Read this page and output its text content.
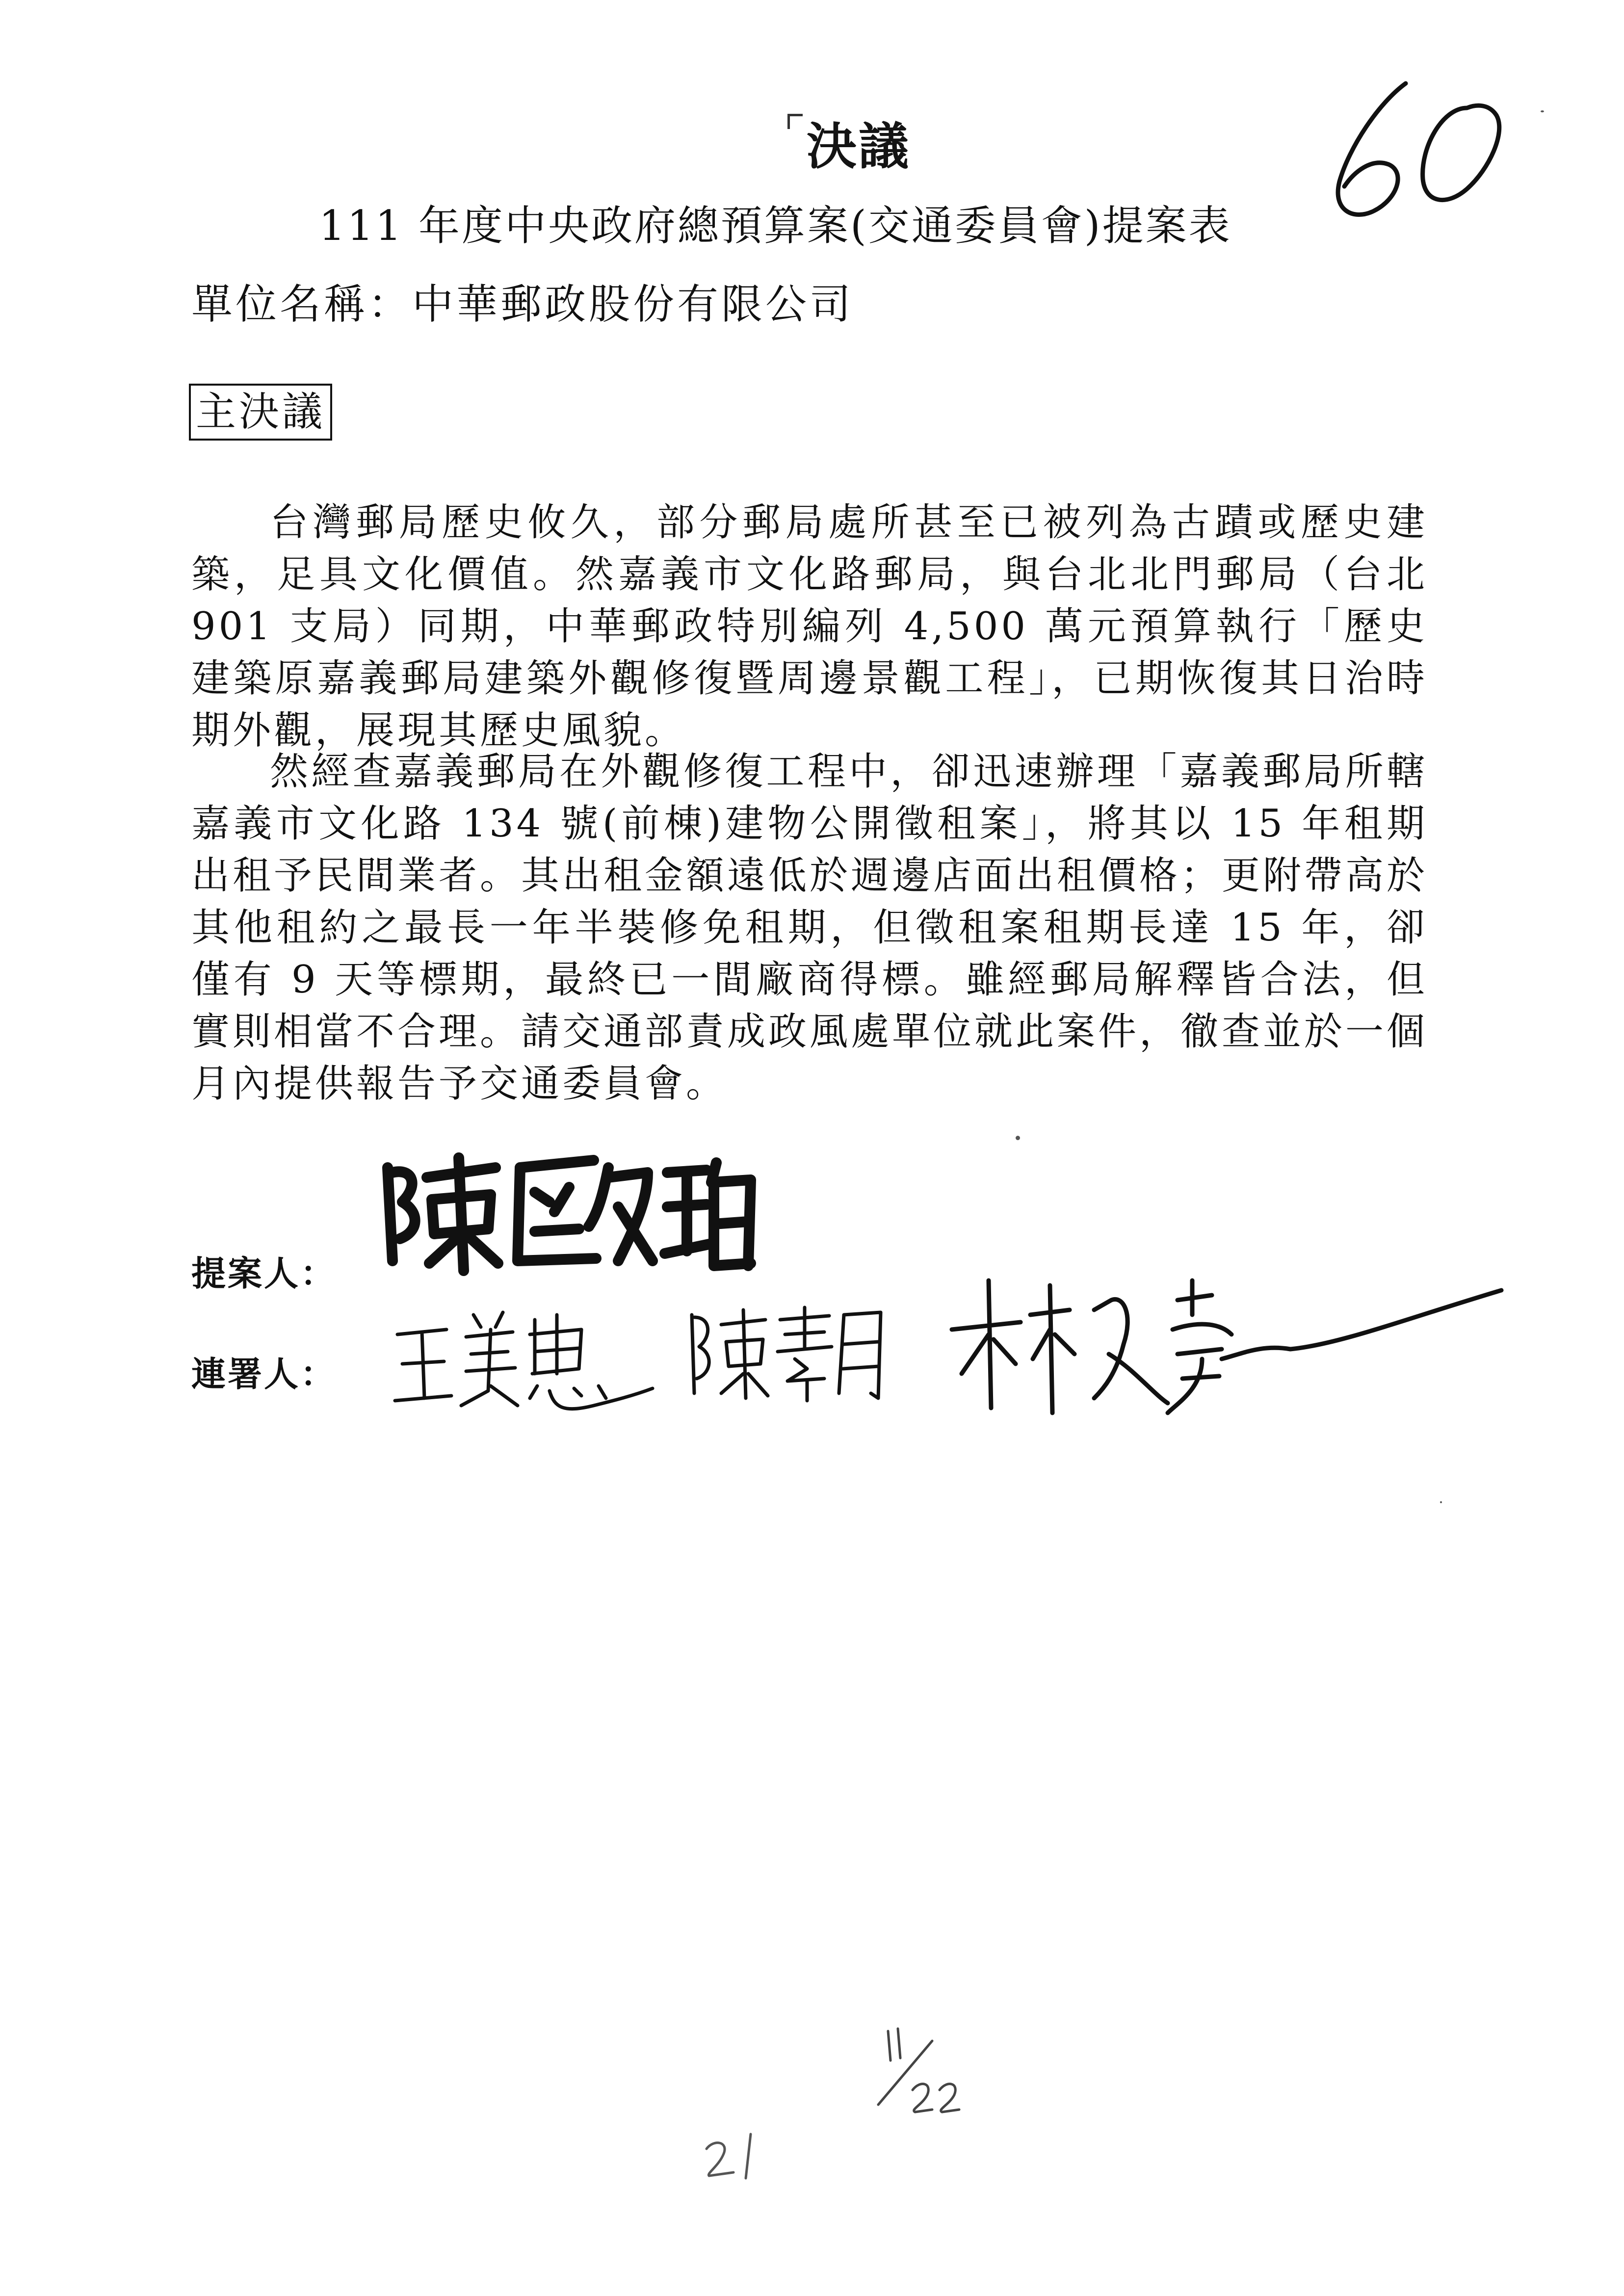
決議
111 年度中央政府總預算案(交通委員會)提案表
單位名稱：中華郵政股份有限公司
主決議

台灣郵局歷史攸久，部分郵局處所甚至已被列為古蹟或歷史建築，足具文化價值。然嘉義市文化路郵局，與台北北門郵局（台北 901 支局）同期，中華郵政特別編列 4,500 萬元預算執行「歷史建築原嘉義郵局建築外觀修復暨周邊景觀工程」，已期恢復其日治時期外觀，展現其歷史風貌。

然經查嘉義郵局在外觀修復工程中，卻迅速辦理「嘉義郵局所轄嘉義市文化路 134 號(前棟)建物公開徵租案」，將其以 15 年租期出租予民間業者。其出租金額遠低於週邊店面出租價格；更附帶高於其他租約之最長一年半裝修免租期，但徵租案租期長達 15 年，卻僅有 9 天等標期，最終已一間廠商得標。雖經郵局解釋皆合法，但實則相當不合理。請交通部責成政風處單位就此案件，徹查並於一個月內提供報告予交通委員會。

提案人：
連署人：
